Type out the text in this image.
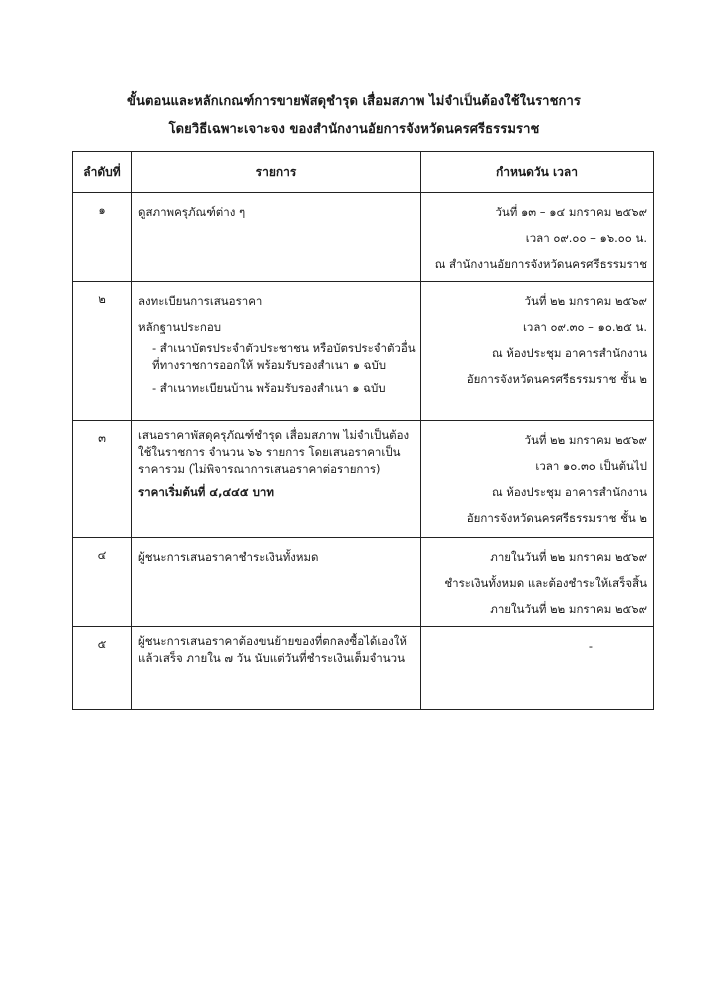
ขั้นตอนและหลักเกณฑ์การขายพัสดุชำรุด เสื่อมสภาพ ไม่จำเป็นต้องใช้ในราชการ
โดยวิธีเฉพาะเจาะจง ของสำนักงานอัยการจังหวัดนครศรีธรรมราช
ลำดับที่	รายการ	กำหนดวัน เวลา
๑	ดูสภาพครุภัณฑ์ต่าง ๆ	วันที่ ๑๓ – ๑๔ มกราคม ๒๕๖๙
เวลา ๐๙.๐๐ – ๑๖.๐๐ น.
ณ สำนักงานอัยการจังหวัดนครศรีธรรมราช

๒	ลงทะเบียนการเสนอราคา
หลักฐานประกอบ
- สำเนาบัตรประจำตัวประชาชน หรือบัตรประจำตัวอื่นที่ทางราชการออกให้ พร้อมรับรองสำเนา ๑ ฉบับ
- สำเนาทะเบียนบ้าน พร้อมรับรองสำเนา ๑ ฉบับ	วันที่ ๒๒ มกราคม ๒๕๖๙
เวลา ๐๙.๓๐ – ๑๐.๒๕ น.
ณ ห้องประชุม อาคารสำนักงาน
อัยการจังหวัดนครศรีธรรมราช ชั้น ๒

๓	เสนอราคาพัสดุครุภัณฑ์ชำรุด เสื่อมสภาพ ไม่จำเป็นต้องใช้ในราชการ จำนวน ๖๖ รายการ โดยเสนอราคาเป็นราคารวม (ไม่พิจารณาการเสนอราคาต่อรายการ)
ราคาเริ่มต้นที่ ๔,๔๔๕ บาท	วันที่ ๒๒ มกราคม ๒๕๖๙
เวลา ๑๐.๓๐ เป็นต้นไป
ณ ห้องประชุม อาคารสำนักงาน
อัยการจังหวัดนครศรีธรรมราช ชั้น ๒

๔	ผู้ชนะการเสนอราคาชำระเงินทั้งหมด	ภายในวันที่ ๒๒ มกราคม ๒๕๖๙
ชำระเงินทั้งหมด และต้องชำระให้เสร็จสิ้น
ภายในวันที่ ๒๒ มกราคม ๒๕๖๙

๕	ผู้ชนะการเสนอราคาต้องขนย้ายของที่ตกลงซื้อได้เองให้แล้วเสร็จ ภายใน ๗ วัน นับแต่วันที่ชำระเงินเต็มจำนวน	-
